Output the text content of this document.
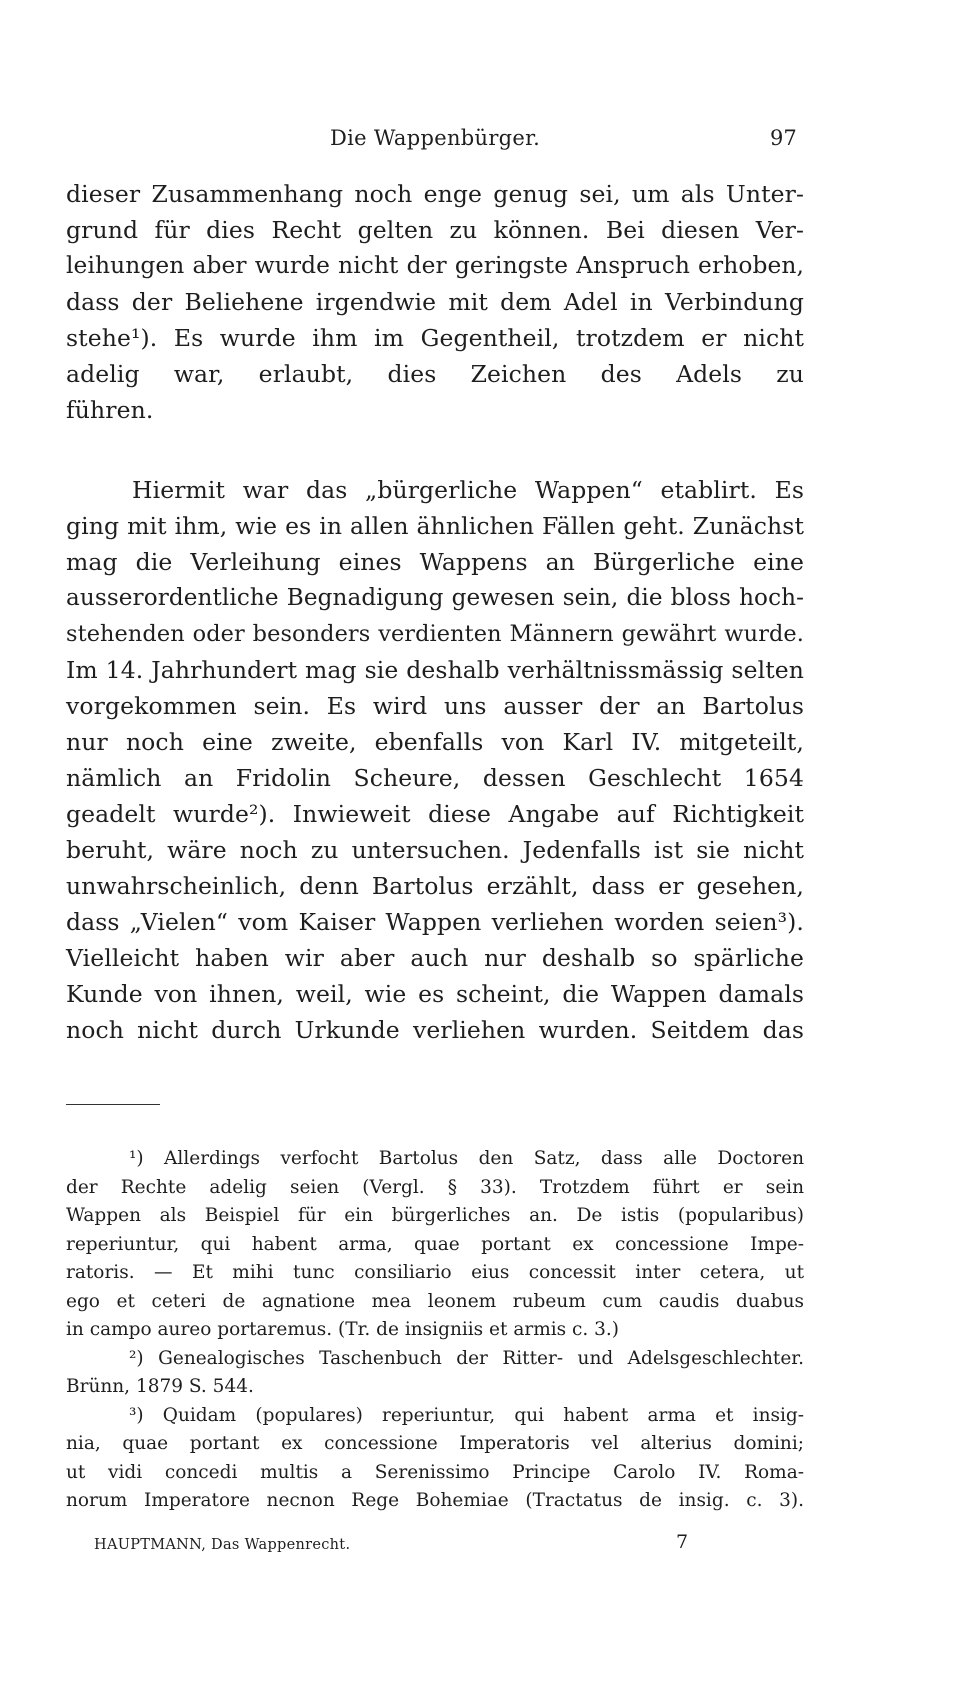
Die Wappenbürger.	97
dieser Zusammenhang noch enge genug sei, um als Unter-
grund für dies Recht gelten zu können. Bei diesen Ver-
leihungen aber wurde nicht der geringste Anspruch erhoben,
dass der Beliehene irgendwie mit dem Adel in Verbindung
stehe¹). Es wurde ihm im Gegentheil, trotzdem er nicht
adelig war, erlaubt, dies Zeichen des Adels zu
führen.
Hiermit war das „bürgerliche Wappen“ etablirt. Es
ging mit ihm, wie es in allen ähnlichen Fällen geht. Zunächst
mag die Verleihung eines Wappens an Bürgerliche eine
ausserordentliche Begnadigung gewesen sein, die bloss hoch-
stehenden oder besonders verdienten Männern gewährt wurde.
Im 14. Jahrhundert mag sie deshalb verhältnissmässig selten
vorgekommen sein. Es wird uns ausser der an Bartolus
nur noch eine zweite, ebenfalls von Karl IV. mitgeteilt,
nämlich an Fridolin Scheure, dessen Geschlecht 1654
geadelt wurde²). Inwieweit diese Angabe auf Richtigkeit
beruht, wäre noch zu untersuchen. Jedenfalls ist sie nicht
unwahrscheinlich, denn Bartolus erzählt, dass er gesehen,
dass „Vielen“ vom Kaiser Wappen verliehen worden seien³).
Vielleicht haben wir aber auch nur deshalb so spärliche
Kunde von ihnen, weil, wie es scheint, die Wappen damals
noch nicht durch Urkunde verliehen wurden. Seitdem das
¹) Allerdings verfocht Bartolus den Satz, dass alle Doctoren
der Rechte adelig seien (Vergl. § 33). Trotzdem führt er sein
Wappen als Beispiel für ein bürgerliches an. De istis (popularibus)
reperiuntur, qui habent arma, quae portant ex concessione Impe-
ratoris. — Et mihi tunc consiliario eius concessit inter cetera, ut
ego et ceteri de agnatione mea leonem rubeum cum caudis duabus
in campo aureo portaremus. (Tr. de insigniis et armis c. 3.)
²) Genealogisches Taschenbuch der Ritter- und Adelsgeschlechter.
Brünn, 1879 S. 544.
³) Quidam (populares) reperiuntur, qui habent arma et insig-
nia, quae portant ex concessione Imperatoris vel alterius domini;
ut vidi concedi multis a Serenissimo Principe Carolo IV. Roma-
norum Imperatore necnon Rege Bohemiae (Tractatus de insig. c. 3).
HAUPTMANN, Das Wappenrecht.	7
